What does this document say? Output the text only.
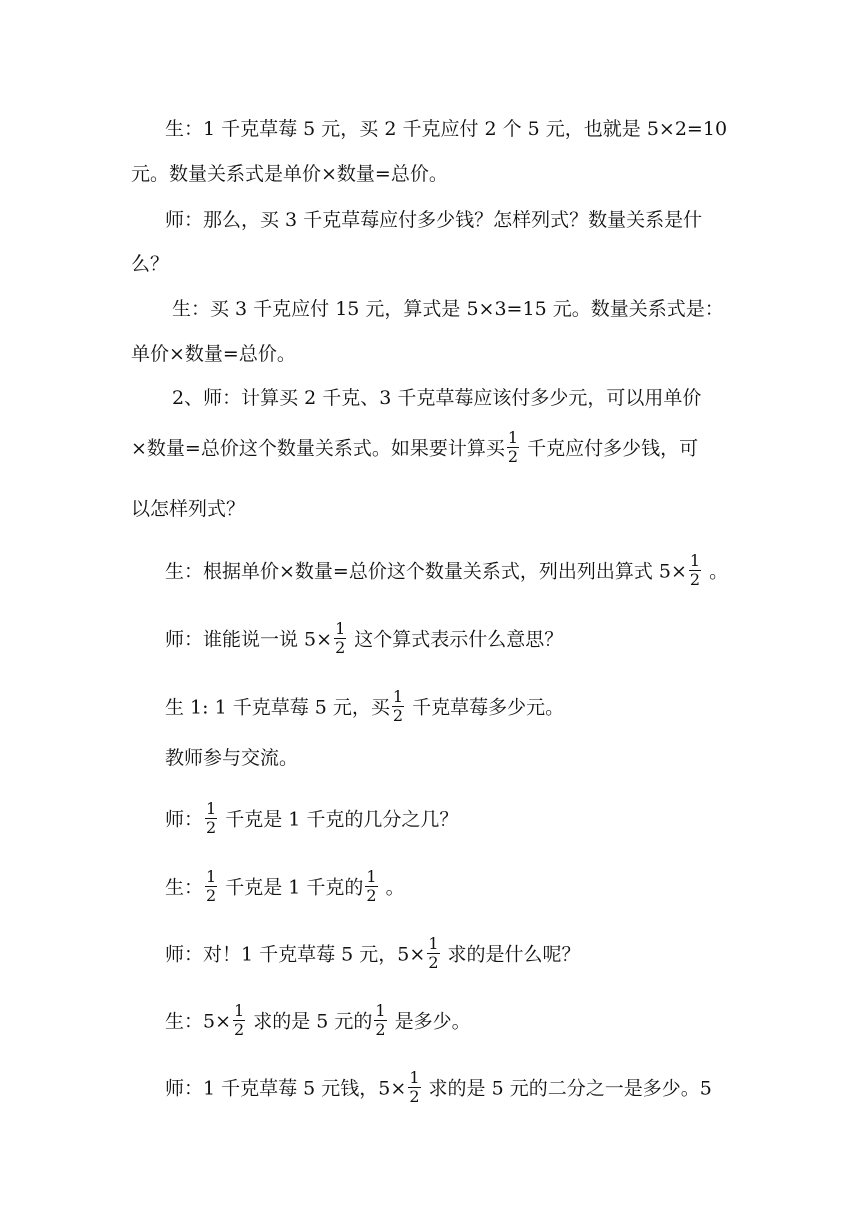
生：1 千克草莓 5 元，买 2 千克应付 2 个 5 元，也就是 5×2=10
元。数量关系式是单价×数量=总价。
师：那么，买 3 千克草莓应付多少钱？怎样列式？数量关系是什
么？
生：买 3 千克应付 15 元，算式是 5×3=15 元。数量关系式是：
单价×数量=总价。
2、师：计算买 2 千克、3 千克草莓应该付多少元，可以用单价
×数量=总价这个数量关系式。如果要计算买 $\frac{1}{2}$ 千克应付多少钱，可
以怎样列式？
生：根据单价×数量=总价这个数量关系式，列出列出算式 $5\times \frac{1}{2}$ 。
师：谁能说一说 $5\times \frac{1}{2}$ 这个算式表示什么意思？
生 1: 1 千克草莓 5 元，买 $\frac{1}{2}$ 千克草莓多少元。
教师参与交流。
师： $\frac{1}{2}$ 千克是 1 千克的几分之几？
生： $\frac{1}{2}$ 千克是 1 千克的 $\frac{1}{2}$ 。
师：对！1 千克草莓 5 元，$5\times \frac{1}{2}$ 求的是什么呢？
生：$5\times \frac{1}{2}$ 求的是 5 元的 $\frac{1}{2}$ 是多少。
师：1 千克草莓 5 元钱，$5\times \frac{1}{2}$ 求的是 5 元的二分之一是多少。5
